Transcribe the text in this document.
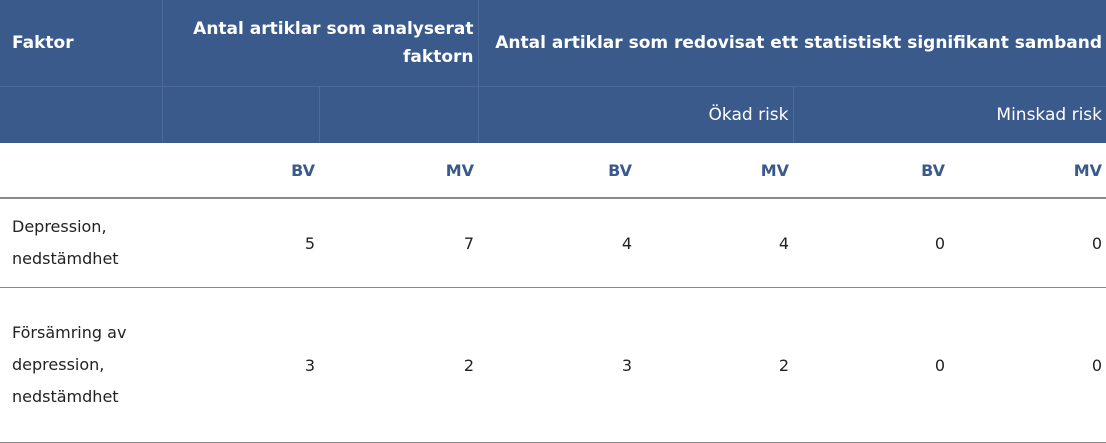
Faktor	Antal artiklar som analyserat faktorn		Antal artiklar som redovisat ett statistiskt signifikant samband			
			Ökad risk		Minskad risk	
	BV	MV	BV	MV	BV	MV

Depression, nedstämdhet	5	7	4	4	0	0

Försämring av depression, nedstämdhet	3	2	3	2	0	0
